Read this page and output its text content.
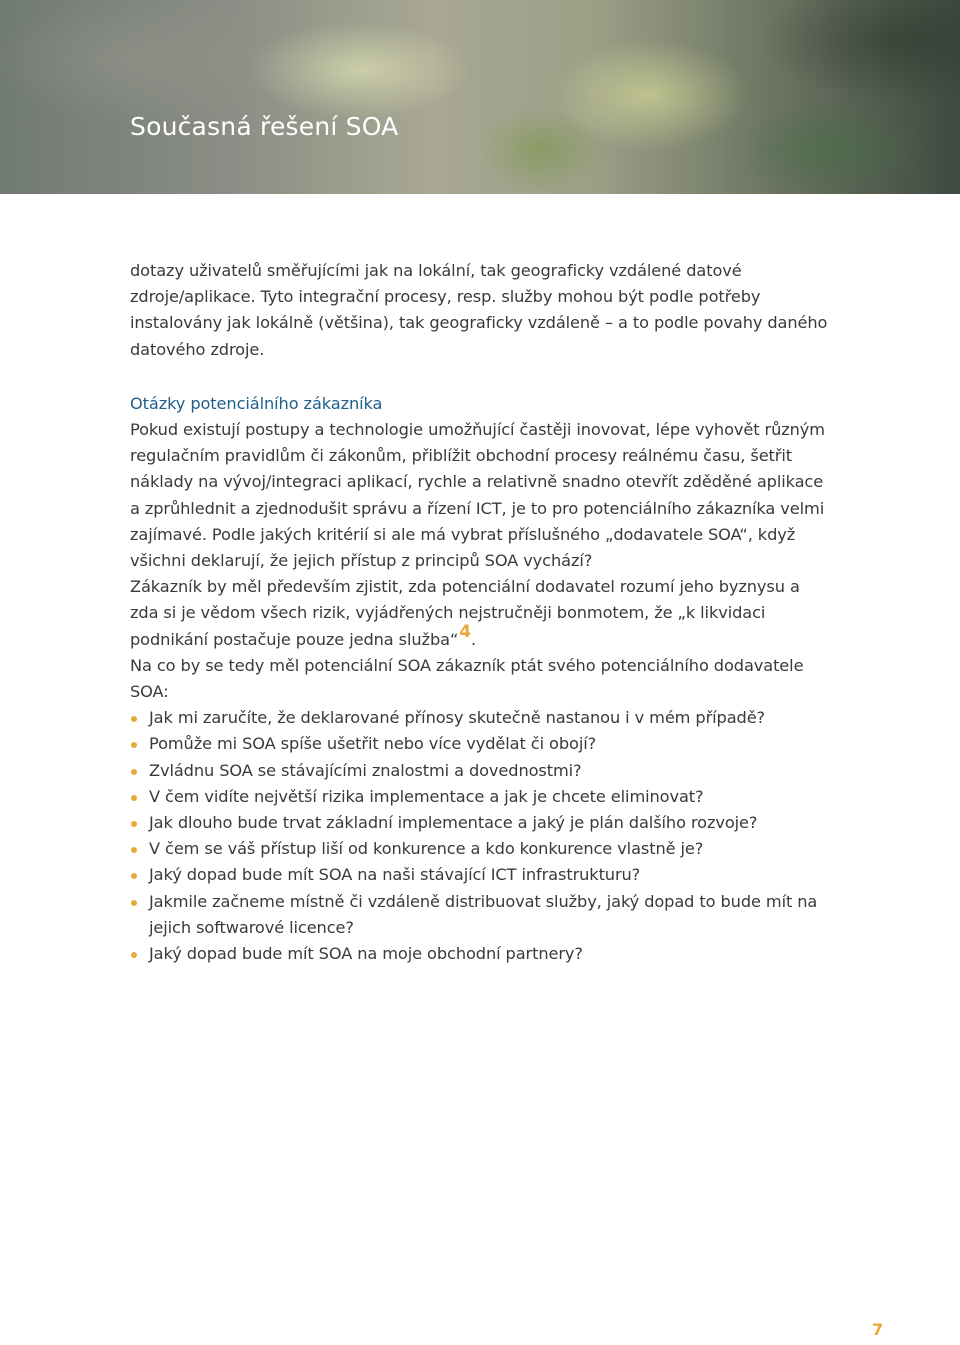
Současná řešení SOA

dotazy uživatelů směřujícími jak na lokální, tak geograficky vzdálené datové zdroje/aplikace. Tyto integrační procesy, resp. služby mohou být podle potřeby instalovány jak lokálně (většina), tak geograficky vzdáleně – a to podle povahy daného datového zdroje.

Otázky potenciálního zákazníka

Pokud existují postupy a technologie umožňující častěji inovovat, lépe vyhovět různým regulačním pravidlům či zákonům, přiblížit obchodní procesy reálnému času, šetřit náklady na vývoj/integraci aplikací, rychle a relativně snadno otevřít zděděné aplikace a zprůhlednit a zjednodušit správu a řízení ICT, je to pro potenciálního zákazníka velmi zajímavé. Podle jakých kritérií si ale má vybrat příslušného „dodavatele SOA“, když všichni deklarují, že jejich přístup z principů SOA vychází?

Zákazník by měl především zjistit, zda potenciální dodavatel rozumí jeho byznysu a zda si je vědom všech rizik, vyjádřených nejstručněji bonmotem, že „k likvidaci podnikání postačuje pouze jedna služba“4.

Na co by se tedy měl potenciální SOA zákazník ptát svého potenciálního dodavatele SOA:

Jak mi zaručíte, že deklarované přínosy skutečně nastanou i v mém případě?
Pomůže mi SOA spíše ušetřit nebo více vydělat či obojí?
Zvládnu SOA se stávajícími znalostmi a dovednostmi?
V čem vidíte největší rizika implementace a jak je chcete eliminovat?
Jak dlouho bude trvat základní implementace a jaký je plán dalšího rozvoje?
V čem se váš přístup liší od konkurence a kdo konkurence vlastně je?
Jaký dopad bude mít SOA na naši stávající ICT infrastrukturu?
Jakmile začneme místně či vzdáleně distribuovat služby, jaký dopad to bude mít na jejich softwarové licence?
Jaký dopad bude mít SOA na moje obchodní partnery?
7
